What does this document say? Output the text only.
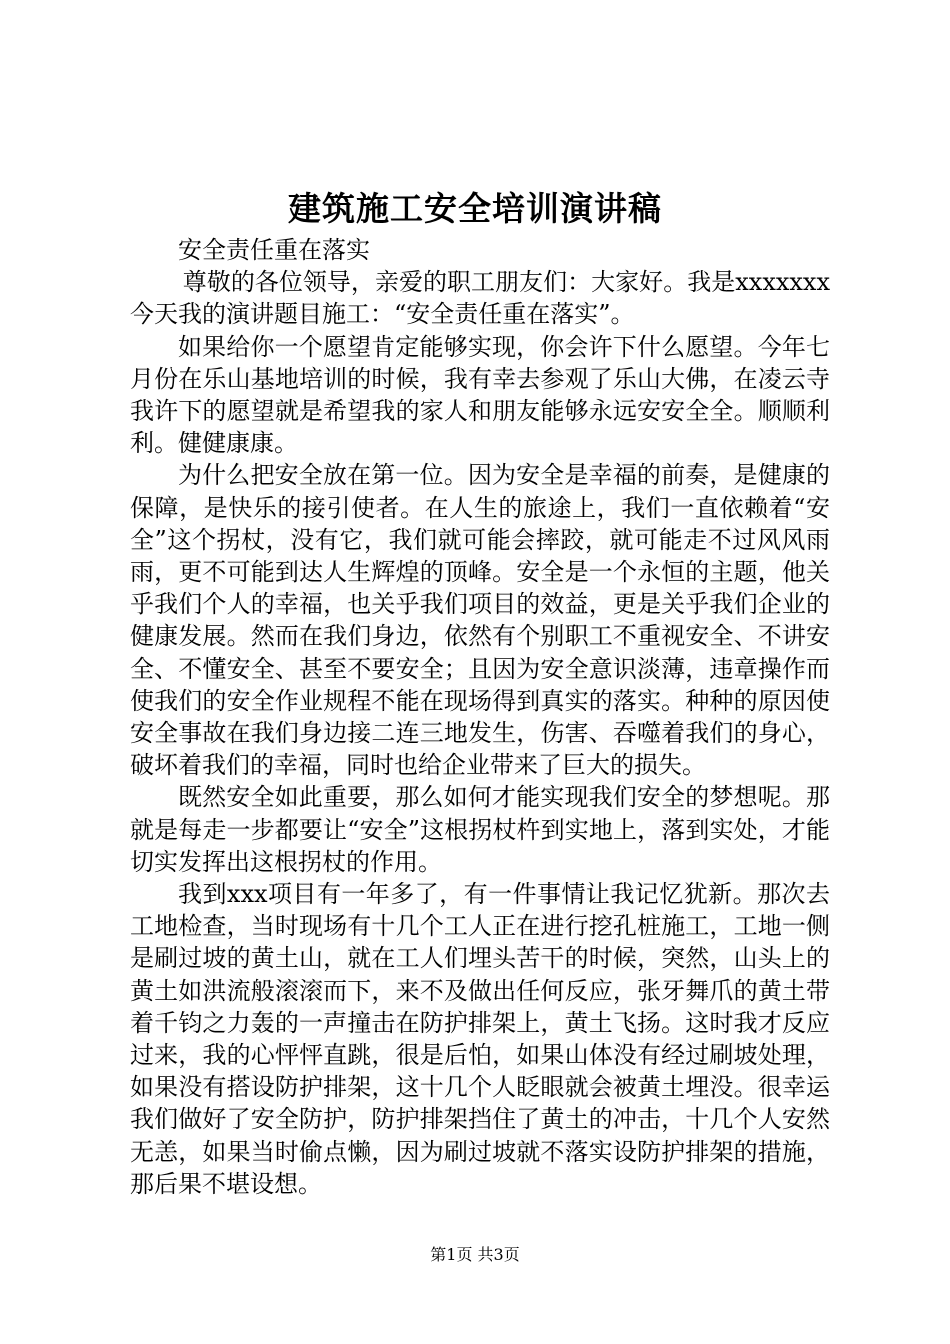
建筑施工安全培训演讲稿

安全责任重在落实

尊敬的各位领导，亲爱的职工朋友们：大家好。我是xxxxxxx今天我的演讲题目施工：“安全责任重在落实”。

如果给你一个愿望肯定能够实现，你会许下什么愿望。今年七月份在乐山基地培训的时候，我有幸去参观了乐山大佛，在凌云寺我许下的愿望就是希望我的家人和朋友能够永远安安全全。顺顺利利。健健康康。

为什么把安全放在第一位。因为安全是幸福的前奏，是健康的保障，是快乐的接引使者。在人生的旅途上，我们一直依赖着“安全”这个拐杖，没有它，我们就可能会摔跤，就可能走不过风风雨雨，更不可能到达人生辉煌的顶峰。安全是一个永恒的主题，他关乎我们个人的幸福，也关乎我们项目的效益，更是关乎我们企业的健康发展。然而在我们身边，依然有个别职工不重视安全、不讲安全、不懂安全、甚至不要安全；且因为安全意识淡薄，违章操作而使我们的安全作业规程不能在现场得到真实的落实。种种的原因使安全事故在我们身边接二连三地发生，伤害、吞噬着我们的身心，破坏着我们的幸福，同时也给企业带来了巨大的损失。

既然安全如此重要，那么如何才能实现我们安全的梦想呢。那就是每走一步都要让“安全”这根拐杖杵到实地上，落到实处，才能切实发挥出这根拐杖的作用。

我到xxx项目有一年多了，有一件事情让我记忆犹新。那次去工地检查，当时现场有十几个工人正在进行挖孔桩施工，工地一侧是刷过坡的黄土山，就在工人们埋头苦干的时候，突然，山头上的黄土如洪流般滚滚而下，来不及做出任何反应，张牙舞爪的黄土带着千钧之力轰的一声撞击在防护排架上，黄土飞扬。这时我才反应过来，我的心怦怦直跳，很是后怕，如果山体没有经过刷坡处理，如果没有搭设防护排架，这十几个人眨眼就会被黄土埋没。很幸运我们做好了安全防护，防护排架挡住了黄土的冲击，十几个人安然无恙，如果当时偷点懒，因为刷过坡就不落实设防护排架的措施，那后果不堪设想。

第1页 共3页
